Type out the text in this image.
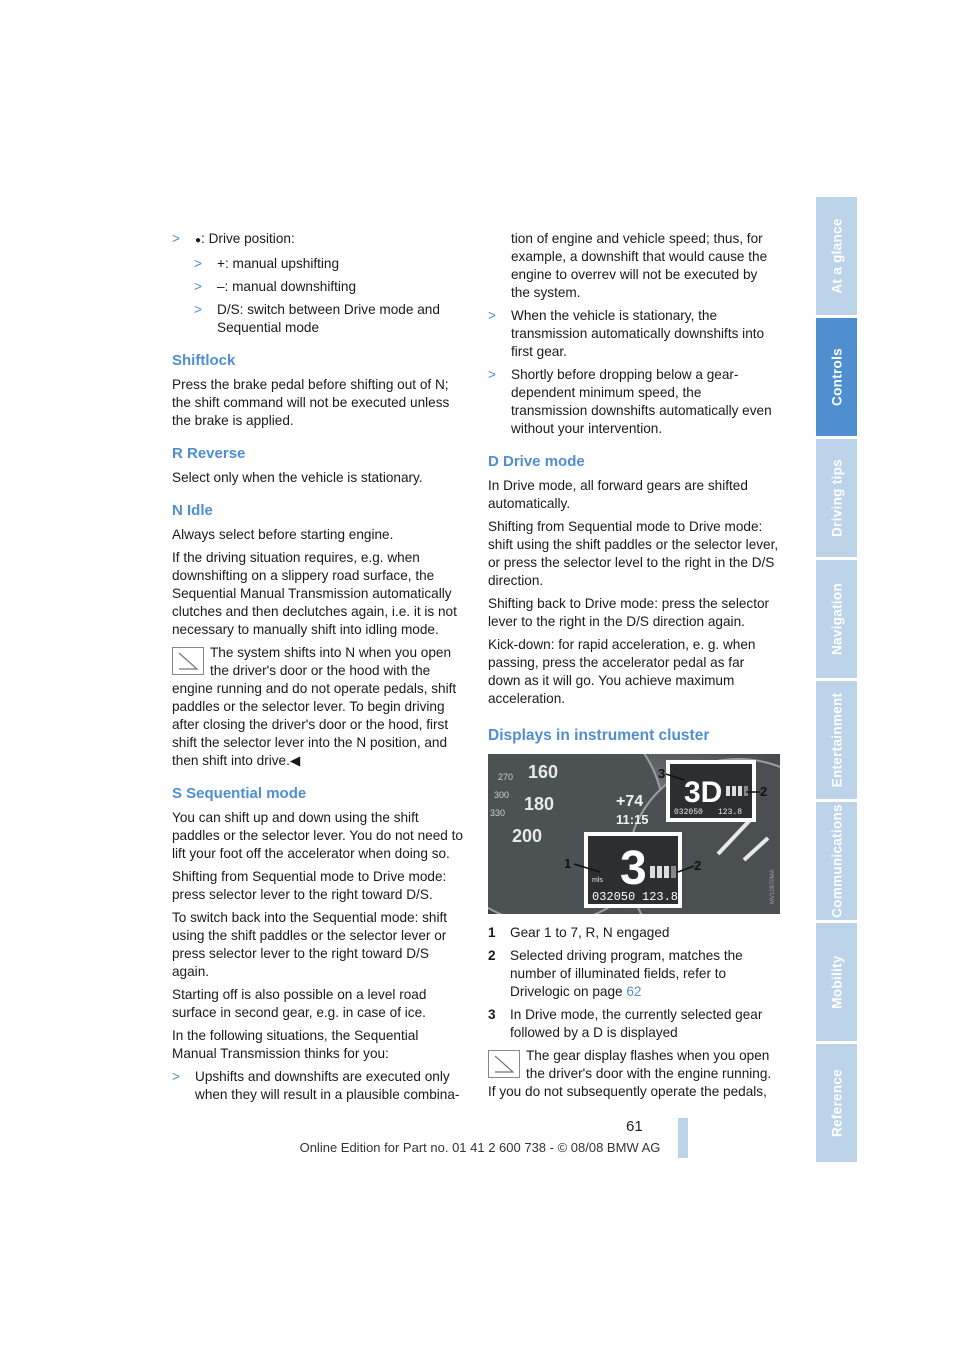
> ●: Drive position:
> +: manual upshifting
> –: manual downshifting
> D/S: switch between Drive mode and Sequential mode
Shiftlock

Press the brake pedal before shifting out of N; the shift command will not be executed unless the brake is applied.

R Reverse

Select only when the vehicle is stationary.

N Idle

Always select before starting engine.

If the driving situation requires, e.g. when downshifting on a slippery road surface, the Sequential Manual Transmission automatically clutches and then declutches again, i.e. it is not necessary to manually shift into idling mode.

The system shifts into N when you open the driver's door or the hood with the engine running and do not operate pedals, shift paddles or the selector lever. To begin driving after closing the driver's door or the hood, first shift the selector lever into the N position, and then shift into drive.◀
S Sequential mode

You can shift up and down using the shift paddles or the selector lever. You do not need to lift your foot off the accelerator when doing so.

Shifting from Sequential mode to Drive mode: press selector lever to the right toward D/S.

To switch back into the Sequential mode: shift using the shift paddles or the selector lever or press selector lever to the right toward D/S again.

Starting off is also possible on a level road surface in second gear, e.g. in case of ice.

In the following situations, the Sequential Manual Transmission thinks for you:

> Upshifts and downshifts are executed only when they will result in a plausible combina-

tion of engine and vehicle speed; thus, for example, a downshift that would cause the engine to overrev will not be executed by the system.

> When the vehicle is stationary, the transmission automatically downshifts into first gear.
> Shortly before dropping below a gear-dependent minimum speed, the transmission downshifts automatically even without your intervention.
D Drive mode

In Drive mode, all forward gears are shifted automatically.

Shifting from Sequential mode to Drive mode: shift using the shift paddles or the selector lever, or press the selector level to the right in the D/S direction.

Shifting back to Drive mode: press the selector lever to the right in the D/S direction again.

Kick-down: for rapid acceleration, e. g. when passing, press the accelerator pedal as far down as it will go. You achieve maximum acceleration.

Displays in instrument cluster
160
180
200
270
300
330
+74
11:15
3D
032050 123.8
3
2
3
mls
032050 123.8
1	2
MV10870MA
1 Gear 1 to 7, R, N engaged
2 Selected driving program, matches the number of illuminated fields, refer to Drivelogic on page 62
3 In Drive mode, the currently selected gear followed by a D is displayed
The gear display flashes when you open the driver's door with the engine running. If you do not subsequently operate the pedals,
At a glance
Controls
Driving tips
Navigation
Entertainment
Communications
Mobility
Reference
61
Online Edition for Part no. 01 41 2 600 738 - © 08/08 BMW AG
